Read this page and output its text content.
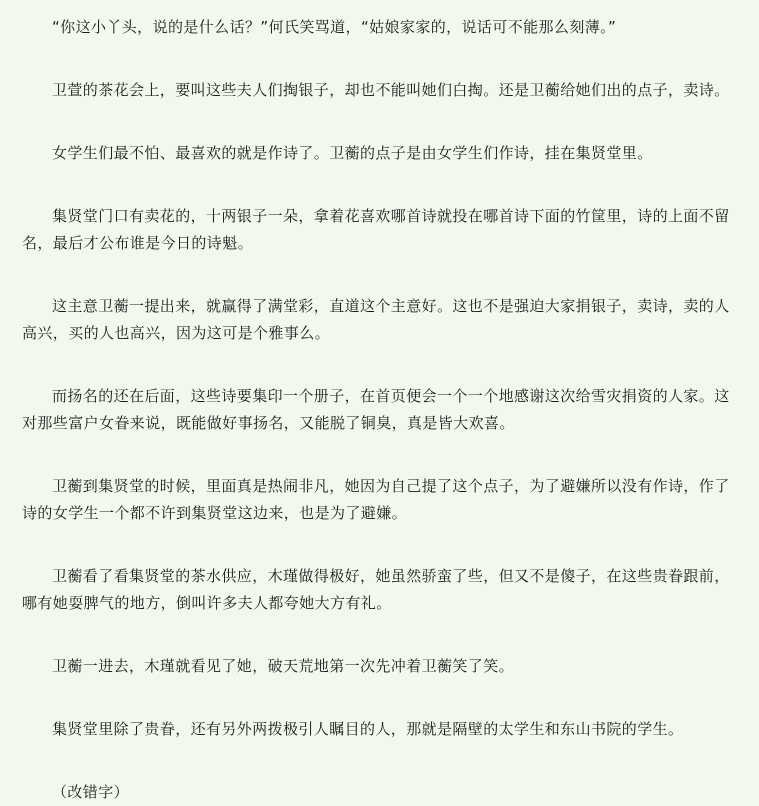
“你这小丫头，说的是什么话？”何氏笑骂道，“姑娘家家的，说话可不能那么刻薄。”

卫萱的茶花会上，要叫这些夫人们掏银子，却也不能叫她们白掏。还是卫蘅给她们出的点子，卖诗。

女学生们最不怕、最喜欢的就是作诗了。卫蘅的点子是由女学生们作诗，挂在集贤堂里。

集贤堂门口有卖花的，十两银子一朵，拿着花喜欢哪首诗就投在哪首诗下面的竹筐里，诗的上面不留名，最后才公布谁是今日的诗魁。

这主意卫蘅一提出来，就赢得了满堂彩，直道这个主意好。这也不是强迫大家捐银子，卖诗，卖的人高兴，买的人也高兴，因为这可是个雅事么。

而扬名的还在后面，这些诗要集印一个册子，在首页便会一个一个地感谢这次给雪灾捐资的人家。这对那些富户女眷来说，既能做好事扬名，又能脱了铜臭，真是皆大欢喜。

卫蘅到集贤堂的时候，里面真是热闹非凡，她因为自己提了这个点子，为了避嫌所以没有作诗，作了诗的女学生一个都不许到集贤堂这边来，也是为了避嫌。

卫蘅看了看集贤堂的茶水供应，木瑾做得极好，她虽然骄蛮了些，但又不是傻子，在这些贵眷跟前，哪有她耍脾气的地方，倒叫许多夫人都夸她大方有礼。

卫蘅一进去，木瑾就看见了她，破天荒地第一次先冲着卫蘅笑了笑。

集贤堂里除了贵眷，还有另外两拨极引人瞩目的人，那就是隔壁的太学生和东山书院的学生。

（改错字）
